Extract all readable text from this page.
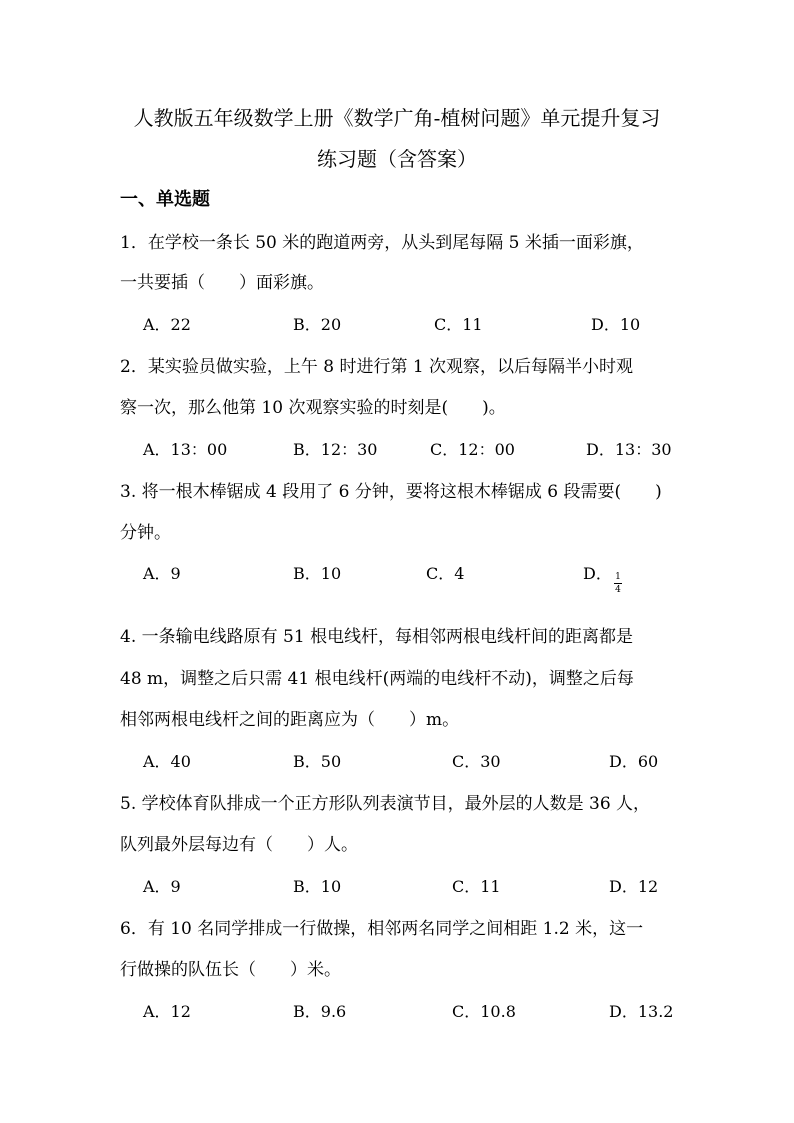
人教版五年级数学上册《数学广角-植树问题》单元提升复习
练习题（含答案）
一、单选题
1．在学校一条长 50 米的跑道两旁，从头到尾每隔 5 米插一面彩旗，
一共要插（　　）面彩旗。
A．22	B．20	C．11	D．10
2．某实验员做实验，上午 8 时进行第 1 次观察，以后每隔半小时观
察一次，那么他第 10 次观察实验的时刻是(　　)。
A．13：00	B．12：30	C．12：00	D．13：30
3. 将一根木棒锯成 4 段用了 6 分钟，要将这根木棒锯成 6 段需要(　　)
分钟。
A．9	B．10	C．4	D． 1
4
4. 一条输电线路原有 51 根电线杆，每相邻两根电线杆间的距离都是
48 m，调整之后只需 41 根电线杆(两端的电线杆不动)，调整之后每
相邻两根电线杆之间的距离应为（　　）m。
A．40	B．50	C．30	D．60
5. 学校体育队排成一个正方形队列表演节目，最外层的人数是 36 人，
队列最外层每边有（　　）人。
A．9	B．10	C．11	D．12
6．有 10 名同学排成一行做操，相邻两名同学之间相距 1.2 米，这一
行做操的队伍长（　　）米。
A．12	B．9.6	C．10.8	D．13.2
